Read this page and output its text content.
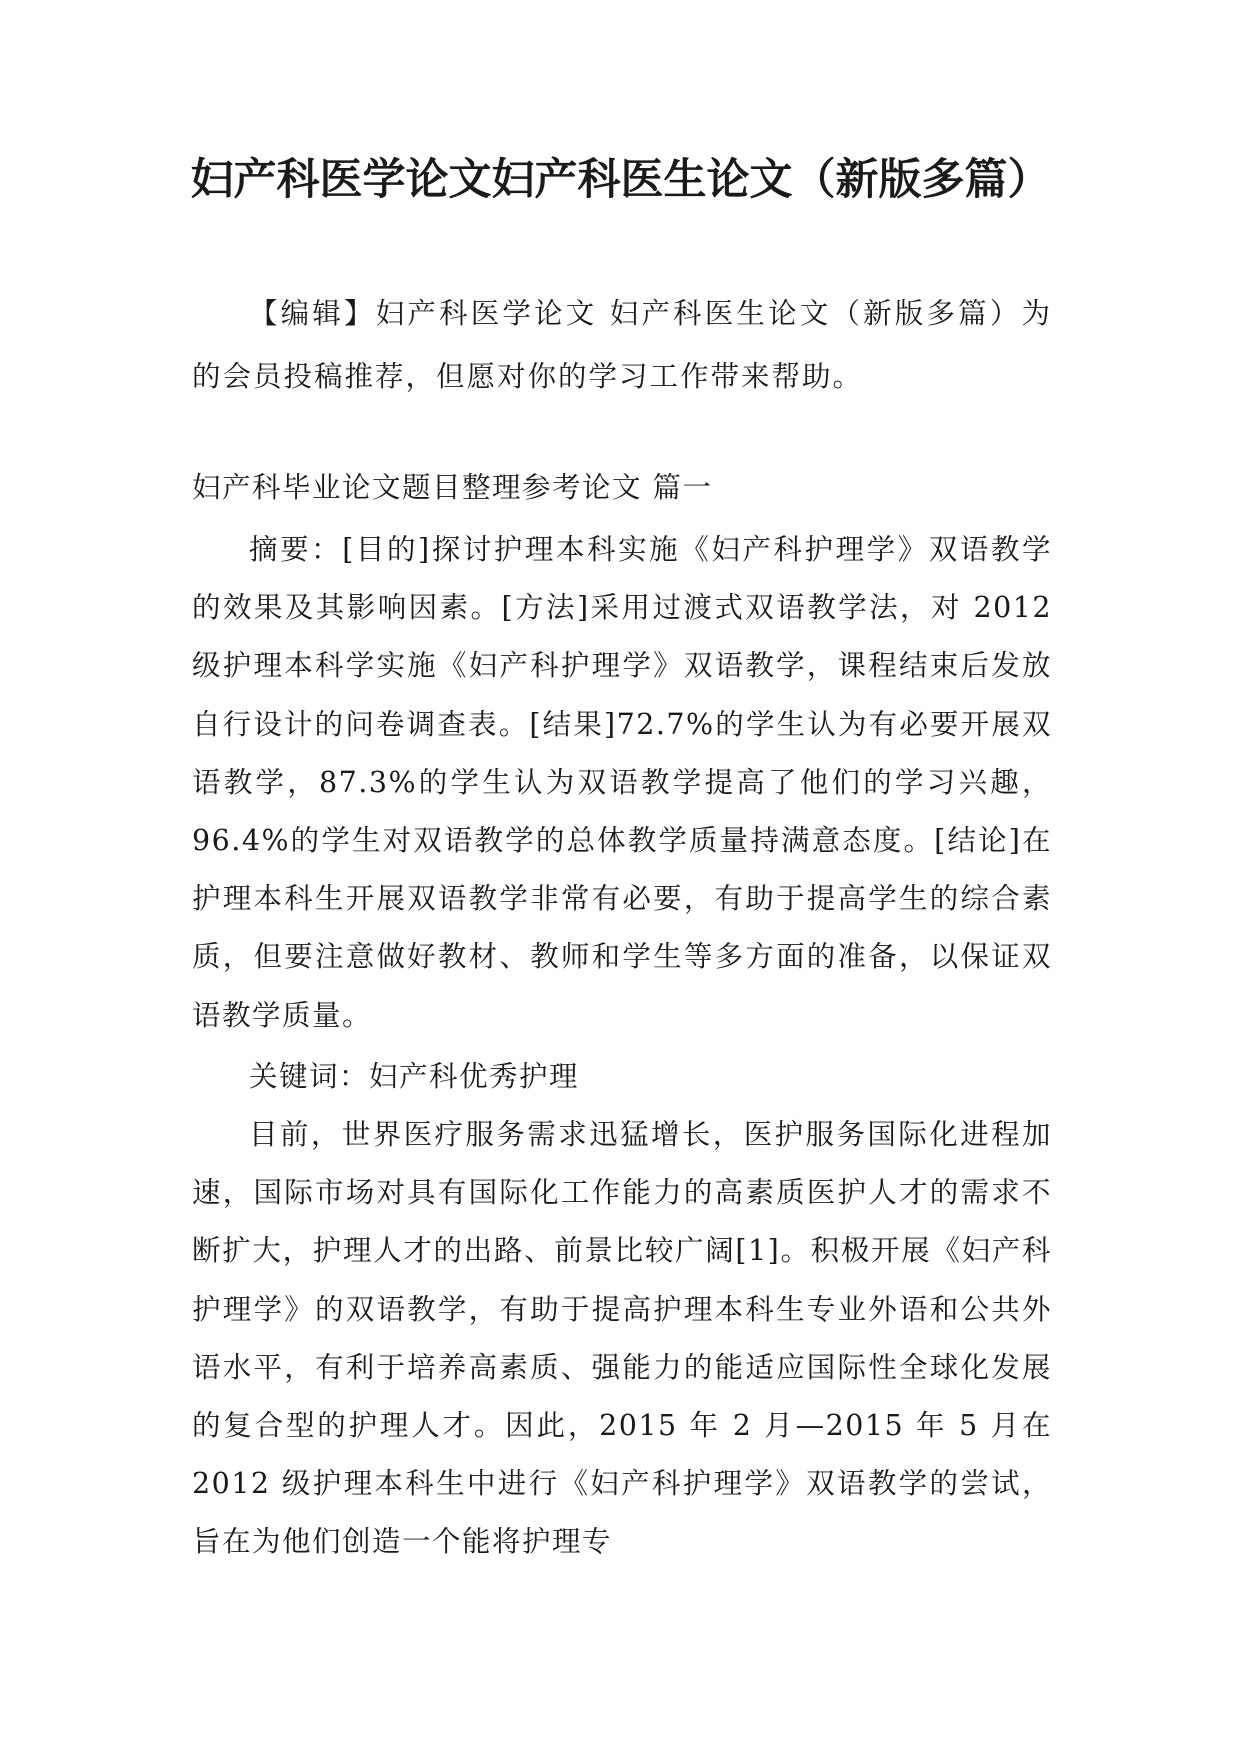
妇产科医学论文妇产科医生论文（新版多篇）

【编辑】妇产科医学论文 妇产科医生论文（新版多篇）为的会员投稿推荐，但愿对你的学习工作带来帮助。

妇产科毕业论文题目整理参考论文 篇一

摘要：[目的]探讨护理本科实施《妇产科护理学》双语教学的效果及其影响因素。[方法]采用过渡式双语教学法，对 2012 级护理本科学实施《妇产科护理学》双语教学，课程结束后发放自行设计的问卷调查表。[结果]72.7%的学生认为有必要开展双语教学，87.3%的学生认为双语教学提高了他们的学习兴趣，96.4%的学生对双语教学的总体教学质量持满意态度。[结论]在护理本科生开展双语教学非常有必要，有助于提高学生的综合素质，但要注意做好教材、教师和学生等多方面的准备，以保证双语教学质量。

关键词：妇产科优秀护理

目前，世界医疗服务需求迅猛增长，医护服务国际化进程加速，国际市场对具有国际化工作能力的高素质医护人才的需求不断扩大，护理人才的出路、前景比较广阔[1]。积极开展《妇产科护理学》的双语教学，有助于提高护理本科生专业外语和公共外语水平，有利于培养高素质、强能力的能适应国际性全球化发展的复合型的护理人才。因此，2015 年 2 月—2015 年 5 月在 2012 级护理本科生中进行《妇产科护理学》双语教学的尝试，旨在为他们创造一个能将护理专
